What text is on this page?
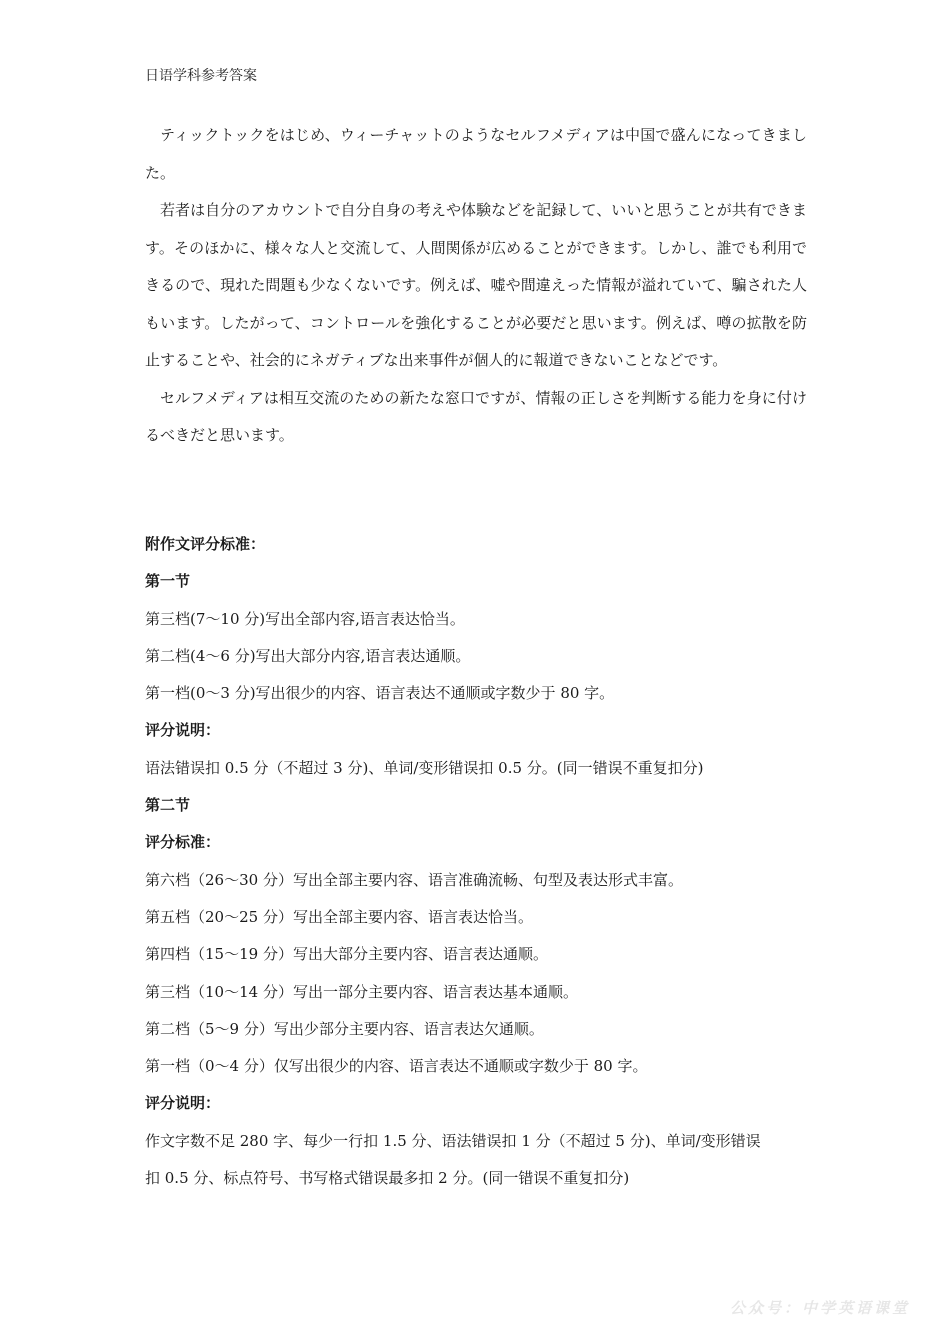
日语学科参考答案

ティックトックをはじめ、ウィーチャットのようなセルフメディアは中国で盛んになってきました。

若者は自分のアカウントで自分自身の考えや体験などを記録して、いいと思うことが共有できます。そのほかに、様々な人と交流して、人間関係が広めることができます。しかし、誰でも利用できるので、現れた問題も少なくないです。例えば、嘘や間違えった情報が溢れていて、騙された人もいます。したがって、コントロールを強化することが必要だと思います。例えば、噂の拡散を防止することや、社会的にネガティブな出来事件が個人的に報道できないことなどです。

セルフメディアは相互交流のための新たな窓口ですが、情報の正しさを判断する能力を身に付けるべきだと思います。

附作文评分标准：
第一节
第三档(7～10 分)写出全部内容,语言表达恰当。
第二档(4～6 分)写出大部分内容,语言表达通顺。
第一档(0～3 分)写出很少的内容、语言表达不通顺或字数少于 80 字。
评分说明：
语法错误扣 0.5 分（不超过 3 分)、单词/变形错误扣 0.5 分。(同一错误不重复扣分)
第二节
评分标准：
第六档（26～30 分）写出全部主要内容、语言准确流畅、句型及表达形式丰富。
第五档（20～25 分）写出全部主要内容、语言表达恰当。
第四档（15～19 分）写出大部分主要内容、语言表达通顺。
第三档（10～14 分）写出一部分主要内容、语言表达基本通顺。
第二档（5～9 分）写出少部分主要内容、语言表达欠通顺。
第一档（0～4 分）仅写出很少的内容、语言表达不通顺或字数少于 80 字。
评分说明：
作文字数不足 280 字、每少一行扣 1.5 分、语法错误扣 1 分（不超过 5 分)、单词/变形错误
扣 0.5 分、标点符号、书写格式错误最多扣 2 分。(同一错误不重复扣分)
公众号：中学英语课堂
